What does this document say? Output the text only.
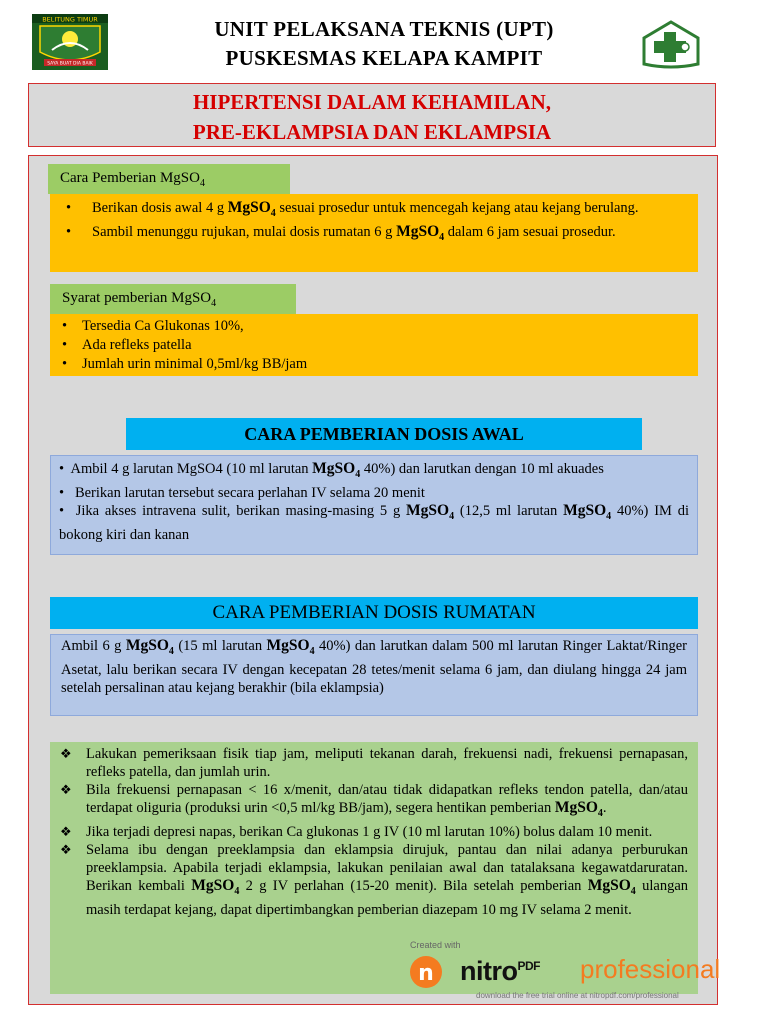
BELITUNG TIMUR
SAYA BUAT DIA BAIK
UNIT PELAKSANA TEKNIS (UPT)
PUSKESMAS KELAPA KAMPIT
HIPERTENSI DALAM KEHAMILAN,
PRE-EKLAMPSIA DAN EKLAMPSIA
Cara Pemberian MgSO$_4$
• Berikan dosis awal 4 g MgSO$_4$ sesuai prosedur untuk mencegah kejang atau kejang berulang.
• Sambil menunggu rujukan, mulai dosis rumatan 6 g MgSO$_4$ dalam 6 jam sesuai prosedur.
Syarat pemberian MgSO$_4$
• Tersedia Ca Glukonas 10%,
• Ada refleks patella
• Jumlah urin minimal 0,5ml/kg BB/jam
CARA PEMBERIAN DOSIS AWAL
•  Ambil 4 g larutan MgSO4 (10 ml larutan MgSO$_4$ 40%) dan larutkan dengan 10 ml akuades
•   Berikan larutan tersebut secara perlahan IV selama 20 menit
•  Jika akses intravena sulit, berikan masing-masing 5 g MgSO$_4$ (12,5 ml larutan MgSO$_4$ 40%) IM di bokong kiri dan kanan
CARA PEMBERIAN DOSIS RUMATAN
Ambil 6 g MgSO$_4$ (15 ml larutan MgSO$_4$ 40%) dan larutkan dalam 500 ml larutan Ringer Laktat/Ringer Asetat, lalu berikan secara IV dengan kecepatan 28 tetes/menit selama 6 jam, dan diulang hingga 24 jam setelah persalinan atau kejang berakhir (bila eklampsia)
❖ Lakukan pemeriksaan fisik tiap jam, meliputi tekanan darah, frekuensi nadi, frekuensi pernapasan, refleks patella, dan jumlah urin.
❖ Bila frekuensi pernapasan < 16 x/menit, dan/atau tidak didapatkan refleks tendon patella, dan/atau terdapat oliguria (produksi urin <0,5 ml/kg BB/jam), segera hentikan pemberian MgSO$_4$.
❖ Jika terjadi depresi napas, berikan Ca glukonas 1 g IV (10 ml larutan 10%) bolus dalam 10 menit.
❖ Selama ibu dengan preeklampsia dan eklampsia dirujuk, pantau dan nilai adanya perburukan preeklampsia. Apabila terjadi eklampsia, lakukan penilaian awal dan tatalaksana kegawatdaruratan. Berikan kembali MgSO$_4$ 2 g IV perlahan (15-20 menit). Bila setelah pemberian MgSO$_4$ ulangan masih terdapat kejang, dapat dipertimbangkan pemberian diazepam 10 mg IV selama 2 menit.
Created with
n nitro$^{PDF}$ professional
download the free trial online at nitropdf.com/professional
